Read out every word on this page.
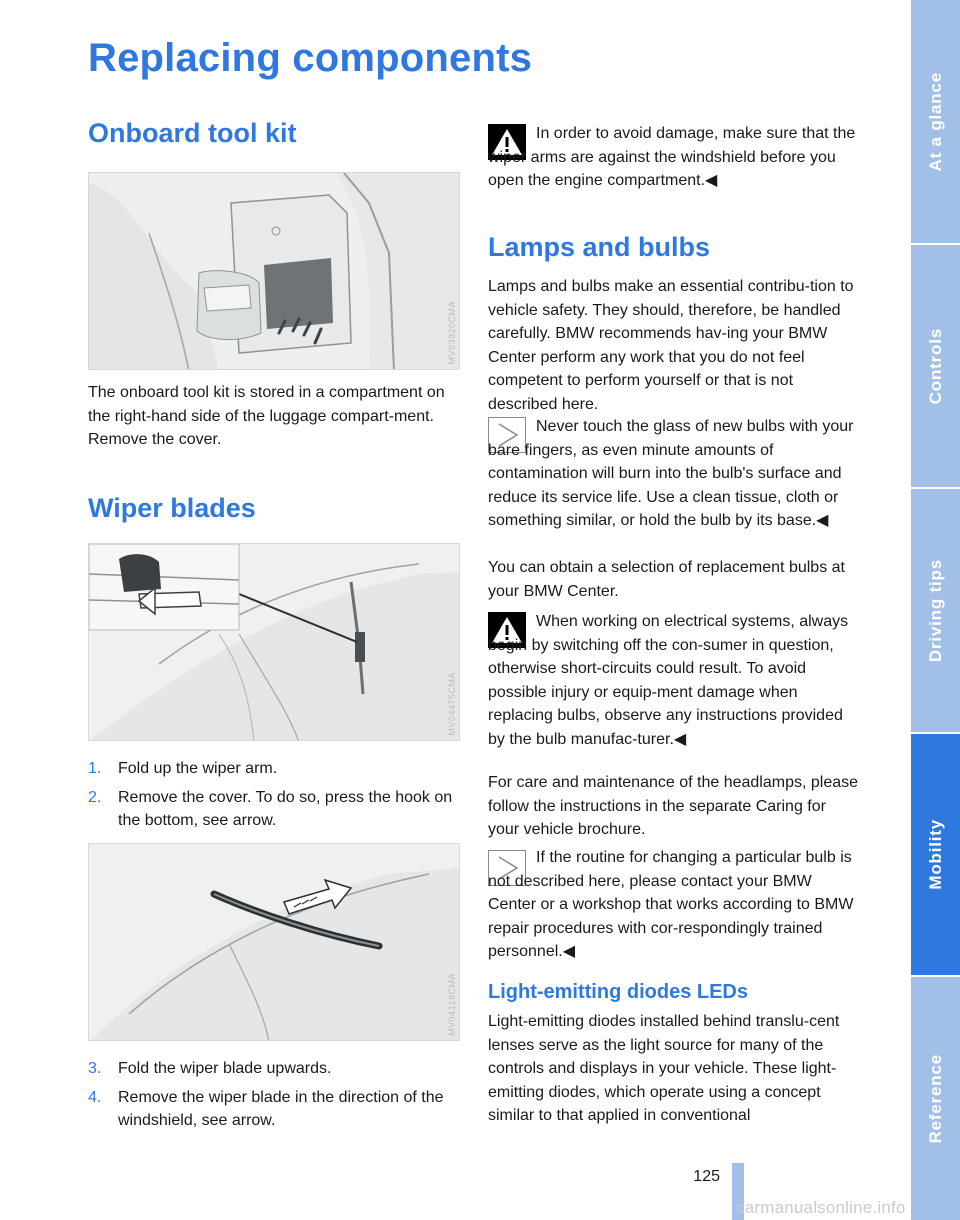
Replacing components
Onboard tool kit
MV03920CMA

The onboard tool kit is stored in a compartment on the right-hand side of the luggage compart-ment. Remove the cover.

Wiper blades
MV04475CMA
1. Fold up the wiper arm.
2. Remove the cover. To do so, press the hook on the bottom, see arrow.
MV04118CMA
3. Fold the wiper blade upwards.
4. Remove the wiper blade in the direction of the windshield, see arrow.

In order to avoid damage, make sure that the wiper arms are against the windshield before you open the engine compartment.◀

Lamps and bulbs

Lamps and bulbs make an essential contribu-tion to vehicle safety. They should, therefore, be handled carefully. BMW recommends hav-ing your BMW Center perform any work that you do not feel competent to perform yourself or that is not described here.

Never touch the glass of new bulbs with your bare fingers, as even minute amounts of contamination will burn into the bulb's surface and reduce its service life. Use a clean tissue, cloth or something similar, or hold the bulb by its base.◀

You can obtain a selection of replacement bulbs at your BMW Center.

When working on electrical systems, always begin by switching off the con-sumer in question, otherwise short-circuits could result. To avoid possible injury or equip-ment damage when replacing bulbs, observe any instructions provided by the bulb manufac-turer.◀

For care and maintenance of the headlamps, please follow the instructions in the separate Caring for your vehicle brochure.

If the routine for changing a particular bulb is not described here, please contact your BMW Center or a workshop that works according to BMW repair procedures with cor-respondingly trained personnel.◀

Light-emitting diodes LEDs

Light-emitting diodes installed behind translu-cent lenses serve as the light source for many of the controls and displays in your vehicle. These light-emitting diodes, which operate using a concept similar to that applied in conventional

At a glance
Controls
Driving tips
Mobility
Reference
125
carmanualsonline.info
